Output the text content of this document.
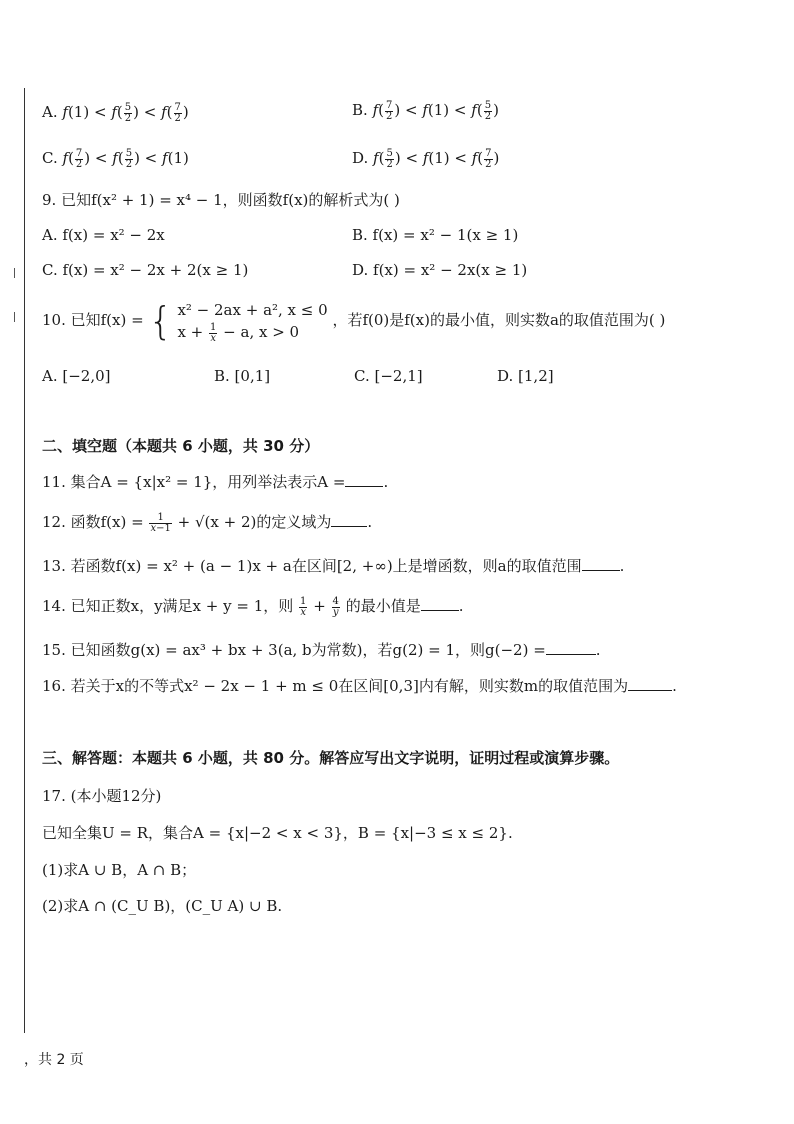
A. $f(1) < f( \frac{5}{2}$ ) < $f( \frac{7}{2}$ )	B. $f( \frac{7}{2}$ ) < $f(1) < f( \frac{5}{2}$ )
C. $f( \frac{7}{2}$ ) < $f( \frac{5}{2}$ ) < f(1)	D. $f( \frac{5}{2}$ ) < $f(1) < f( \frac{7}{2}$ )
9. 已知f(x² + 1) = x⁴ − 1，则函数f(x)的解析式为( )
A. f(x) = x² − 2x	B. f(x) = x² − 1(x ≥ 1)
C. f(x) = x² − 2x + 2(x ≥ 1)	D. f(x) = x² − 2x(x ≥ 1)
10. 已知f(x) = { x² − 2ax + a², x ≤ 0
$x + \frac{1}{x} - a$, x > 0
，若f(0)是f(x)的最小值，则实数a的取值范围为( )
A. [−2,0]	B. [0,1]	C. [−2,1]	D. [1,2]
二、填空题（本题共 6 小题，共 30 分）
11. 集合A = {x|x² = 1}，用列举法表示A =	.
12. 函数$f(x) = \frac{1}{x-1} + √(x + 2)$的定义域为 .
13. 若函数f(x) = x² + (a − 1)x + a在区间[2, +∞)上是增函数，则a的取值范围	.
14. 已知正数x，y满足x + y = 1，则 $\frac{1}{x} + \frac{4}{y}$ 的最小值是	.
15. 已知函数g(x) = ax³ + bx + 3(a, b为常数)，若g(2) = 1，则g(−2) =	.
16. 若关于x的不等式x² − 2x − 1 + m ≤ 0在区间[0,3]内有解，则实数m的取值范围为	.
三、解答题：本题共 6 小题，共 80 分。解答应写出文字说明，证明过程或演算步骤。
17. (本小题12分)
已知全集U = R，集合A = {x|−2 < x < 3}，B = {x|−3 ≤ x ≤ 2}.
(1)求A ∪ B，A ∩ B；
(2)求A ∩ (C_U B)，(C_U A) ∪ B.
，共 2 页
